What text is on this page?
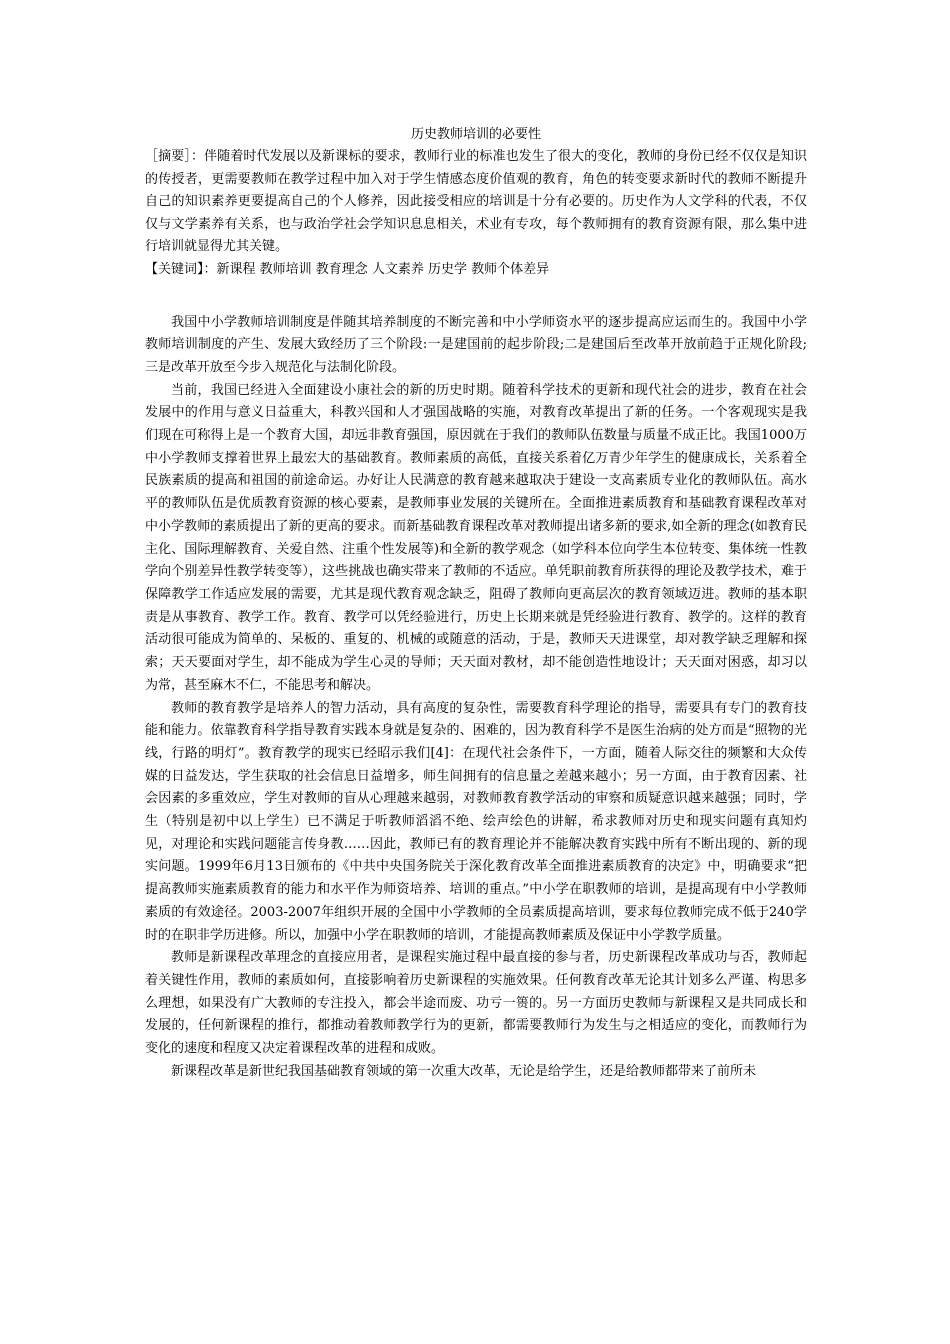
历史教师培训的必要性

［摘要］：伴随着时代发展以及新课标的要求，教师行业的标准也发生了很大的变化，教师的身份已经不仅仅是知识的传授者，更需要教师在教学过程中加入对于学生情感态度价值观的教育，角色的转变要求新时代的教师不断提升自己的知识素养更要提高自己的个人修养，因此接受相应的培训是十分有必要的。历史作为人文学科的代表，不仅仅与文学素养有关系，也与政治学社会学知识息息相关，术业有专攻，每个教师拥有的教育资源有限，那么集中进行培训就显得尤其关键。

【关键词】：新课程 教师培训 教育理念 人文素养 历史学 教师个体差异

我国中小学教师培训制度是伴随其培养制度的不断完善和中小学师资水平的逐步提高应运而生的。我国中小学教师培训制度的产生、发展大致经历了三个阶段:一是建国前的起步阶段;二是建国后至改革开放前趋于正规化阶段;三是改革开放至今步入规范化与法制化阶段。

当前，我国已经进入全面建设小康社会的新的历史时期。随着科学技术的更新和现代社会的进步，教育在社会发展中的作用与意义日益重大，科教兴国和人才强国战略的实施，对教育改革提出了新的任务。一个客观现实是我们现在可称得上是一个教育大国，却远非教育强国，原因就在于我们的教师队伍数量与质量不成正比。我国1000万中小学教师支撑着世界上最宏大的基础教育。教师素质的高低，直接关系着亿万青少年学生的健康成长，关系着全民族素质的提高和祖国的前途命运。办好让人民满意的教育越来越取决于建设一支高素质专业化的教师队伍。高水平的教师队伍是优质教育资源的核心要素，是教师事业发展的关键所在。全面推进素质教育和基础教育课程改革对中小学教师的素质提出了新的更高的要求。而新基础教育课程改革对教师提出诸多新的要求,如全新的理念(如教育民主化、国际理解教育、关爱自然、注重个性发展等)和全新的教学观念（如学科本位向学生本位转变、集体统一性教学向个别差异性教学转变等），这些挑战也确实带来了教师的不适应。单凭职前教育所获得的理论及教学技术，难于保障教学工作适应发展的需要，尤其是现代教育观念缺乏，阻碍了教师向更高层次的教育领域迈进。教师的基本职责是从事教育、教学工作。教育、教学可以凭经验进行，历史上长期来就是凭经验进行教育、教学的。这样的教育活动很可能成为简单的、呆板的、重复的、机械的或随意的活动，于是，教师天天进课堂，却对教学缺乏理解和探索；天天要面对学生，却不能成为学生心灵的导师；天天面对教材，却不能创造性地设计；天天面对困惑，却习以为常，甚至麻木不仁，不能思考和解决。

教师的教育教学是培养人的智力活动，具有高度的复杂性，需要教育科学理论的指导，需要具有专门的教育技能和能力。依靠教育科学指导教育实践本身就是复杂的、困难的，因为教育科学不是医生治病的处方而是“照物的光线，行路的明灯”。教育教学的现实已经昭示我们[4]：在现代社会条件下，一方面，随着人际交往的频繁和大众传媒的日益发达，学生获取的社会信息日益增多，师生间拥有的信息量之差越来越小；另一方面，由于教育因素、社会因素的多重效应，学生对教师的盲从心理越来越弱，对教师教育教学活动的审察和质疑意识越来越强；同时，学生（特别是初中以上学生）已不满足于听教师滔滔不绝、绘声绘色的讲解，希求教师对历史和现实问题有真知灼见，对理论和实践问题能言传身教……因此，教师已有的教育理论并不能解决教育实践中所有不断出现的、新的现实问题。1999年6月13日颁布的《中共中央国务院关于深化教育改革全面推进素质教育的决定》中，明确要求“把提高教师实施素质教育的能力和水平作为师资培养、培训的重点。”中小学在职教师的培训，是提高现有中小学教师素质的有效途径。2003-2007年组织开展的全国中小学教师的全员素质提高培训，要求每位教师完成不低于240学时的在职非学历进修。所以，加强中小学在职教师的培训，才能提高教师素质及保证中小学教学质量。

教师是新课程改革理念的直接应用者，是课程实施过程中最直接的参与者，历史新课程改革成功与否，教师起着关键性作用，教师的素质如何，直接影响着历史新课程的实施效果。任何教育改革无论其计划多么严谨、构思多么理想，如果没有广大教师的专注投入，都会半途而废、功亏一篑的。另一方面历史教师与新课程又是共同成长和发展的，任何新课程的推行，都推动着教师教学行为的更新，都需要教师行为发生与之相适应的变化，而教师行为变化的速度和程度又决定着课程改革的进程和成败。

新课程改革是新世纪我国基础教育领域的第一次重大改革，无论是给学生，还是给教师都带来了前所未
